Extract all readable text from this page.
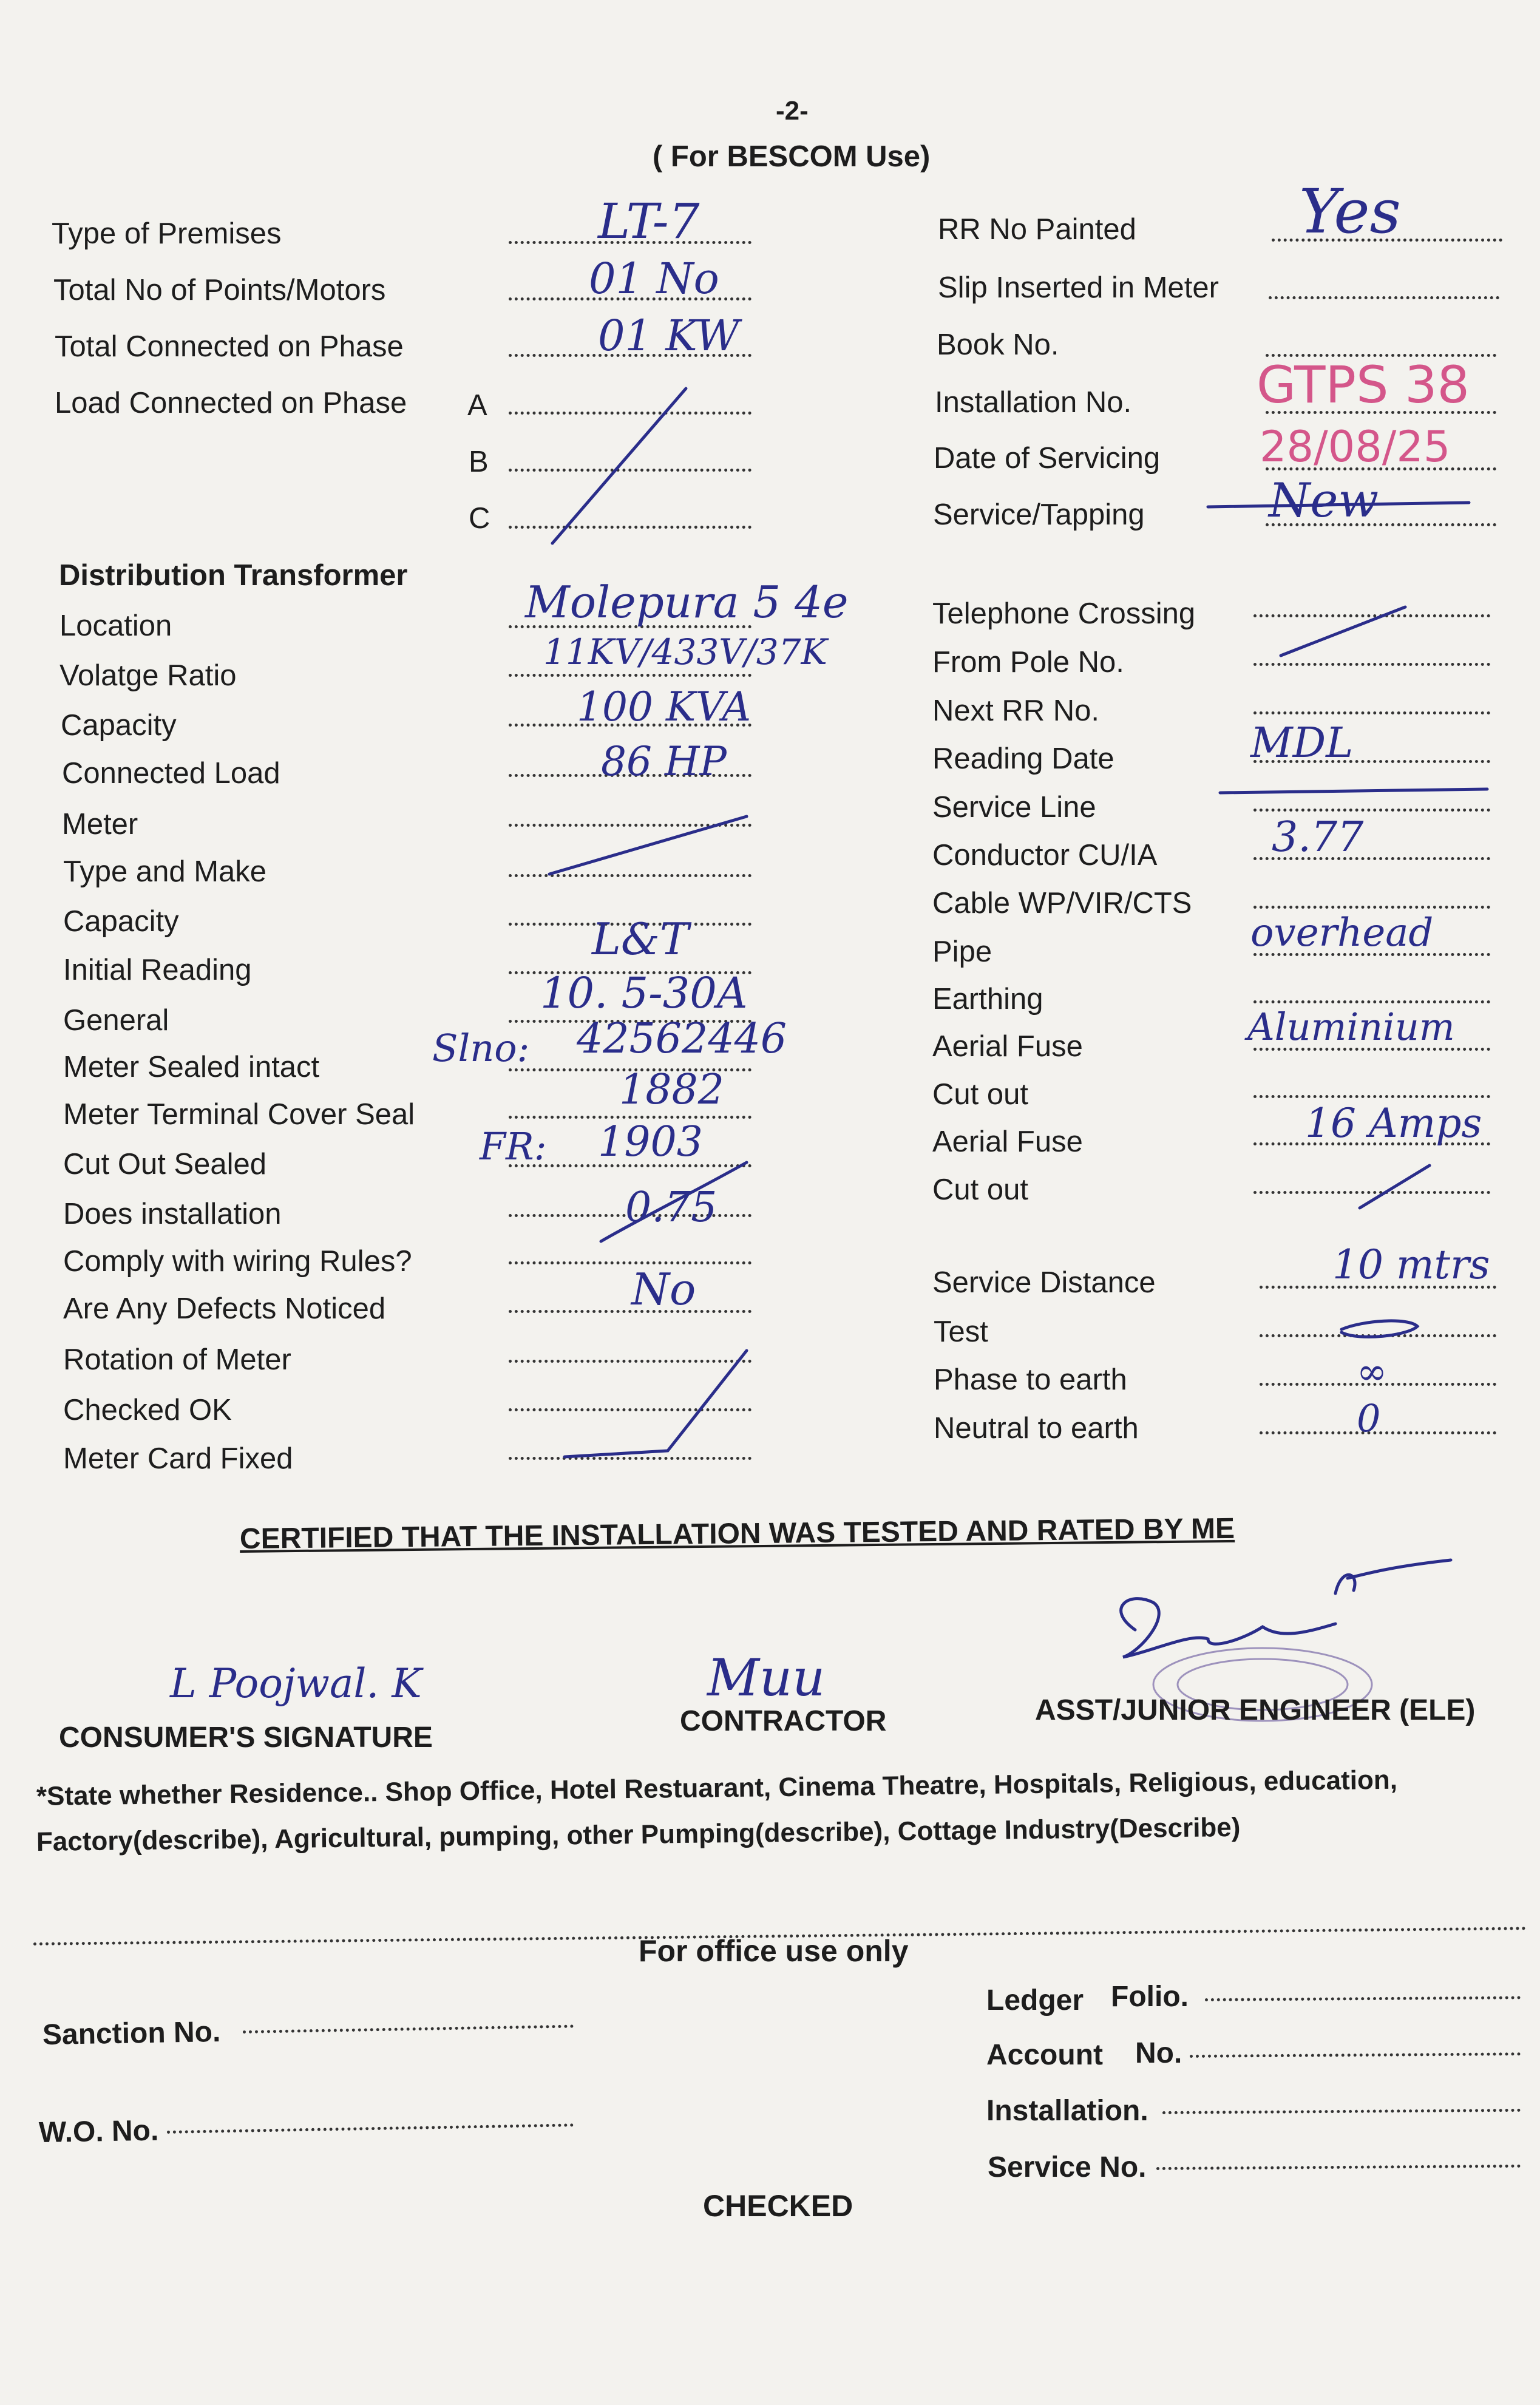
-2-
( For BESCOM Use)
Type of Premises
Total No of Points/Motors
Total Connected on Phase
Load Connected on Phase A
B
C
Distribution Transformer
Location
Volatge Ratio
Capacity
Connected Load
Meter
Type and Make
Capacity
Initial Reading
General
Meter Sealed intact
Meter Terminal Cover Seal
Cut Out Sealed
Does installation
Comply with wiring Rules?
Are Any Defects Noticed
Rotation of Meter
Checked OK
Meter Card Fixed
LT-7
01 No
01 KW
Molepura 5 4e
11KV/433V/37K
100 KVA
86 HP
L&T
10. 5-30A
Slno: 42562446
1882
FR: 1903
0.75
No
RR No Painted
Slip Inserted in Meter
Book No.
Installation No.
Date of Servicing
Service/Tapping
Telephone Crossing
From Pole No.
Next RR No.
Reading Date
Service Line
Conductor CU/IA
Cable WP/VIR/CTS
Pipe
Earthing
Aerial Fuse
Cut out
Aerial Fuse
Cut out
Service Distance
Test
Phase to earth
Neutral to earth
Yes
GTPS 38
28/08/25
New
MDL
3.77
overhead
Aluminium
16 Amps
10 mtrs
∞
0
CERTIFIED THAT THE INSTALLATION WAS TESTED AND RATED BY ME
L Poojwal. K
CONSUMER'S SIGNATURE
Muu
CONTRACTOR	ASST/JUNIOR ENGINEER (ELE)
*State whether Residence.. Shop Office, Hotel Restuarant, Cinema Theatre, Hospitals, Religious, education,
Factory(describe), Agricultural, pumping, other Pumping(describe), Cottage Industry(Describe)
For office use only
Sanction No.
W.O. No.
Ledger Folio.
Account No.
Installation.
Service No.
CHECKED
